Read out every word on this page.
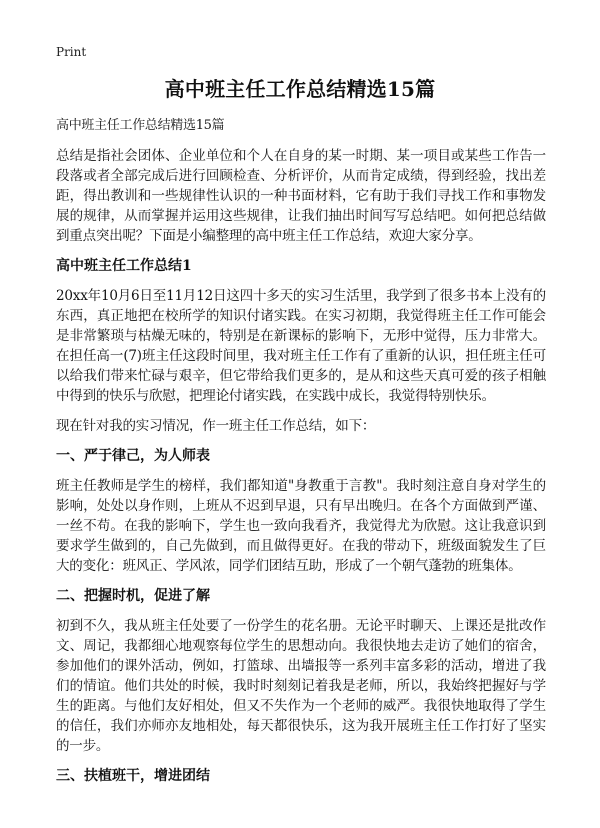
Print
高中班主任工作总结精选15篇

高中班主任工作总结精选15篇

总结是指社会团体、企业单位和个人在自身的某一时期、某一项目或某些工作告一段落或者全部完成后进行回顾检查、分析评价，从而肯定成绩，得到经验，找出差距，得出教训和一些规律性认识的一种书面材料，它有助于我们寻找工作和事物发展的规律，从而掌握并运用这些规律，让我们抽出时间写写总结吧。如何把总结做到重点突出呢？下面是小编整理的高中班主任工作总结，欢迎大家分享。

高中班主任工作总结1

20xx年10月6日至11月12日这四十多天的实习生活里，我学到了很多书本上没有的东西，真正地把在校所学的知识付诸实践。在实习初期，我觉得班主任工作可能会是非常繁琐与枯燥无味的，特别是在新课标的影响下，无形中觉得，压力非常大。在担任高一(7)班主任这段时间里，我对班主任工作有了重新的认识，担任班主任可以给我们带来忙碌与艰辛，但它带给我们更多的，是从和这些天真可爱的孩子相触中得到的快乐与欣慰，把理论付诸实践，在实践中成长，我觉得特别快乐。

现在针对我的实习情况，作一班主任工作总结，如下：

一、严于律己，为人师表

班主任教师是学生的榜样，我们都知道"身教重于言教"。我时刻注意自身对学生的影响，处处以身作则，上班从不迟到早退，只有早出晚归。在各个方面做到严谨、一丝不苟。在我的影响下，学生也一致向我看齐，我觉得尤为欣慰。这让我意识到要求学生做到的，自己先做到，而且做得更好。在我的带动下，班级面貌发生了巨大的变化：班风正、学风浓，同学们团结互助，形成了一个朝气蓬勃的班集体。

二、把握时机，促进了解

初到不久，我从班主任处要了一份学生的花名册。无论平时聊天、上课还是批改作文、周记，我都细心地观察每位学生的思想动向。我很快地去走访了她们的宿舍，参加他们的课外活动，例如，打篮球、出墙报等一系列丰富多彩的活动，增进了我们的情谊。他们共处的时候，我时时刻刻记着我是老师，所以，我始终把握好与学生的距离。与他们友好相处，但又不失作为一个老师的威严。我很快地取得了学生的信任，我们亦师亦友地相处，每天都很快乐，这为我开展班主任工作打好了坚实的一步。

三、扶植班干，增进团结
